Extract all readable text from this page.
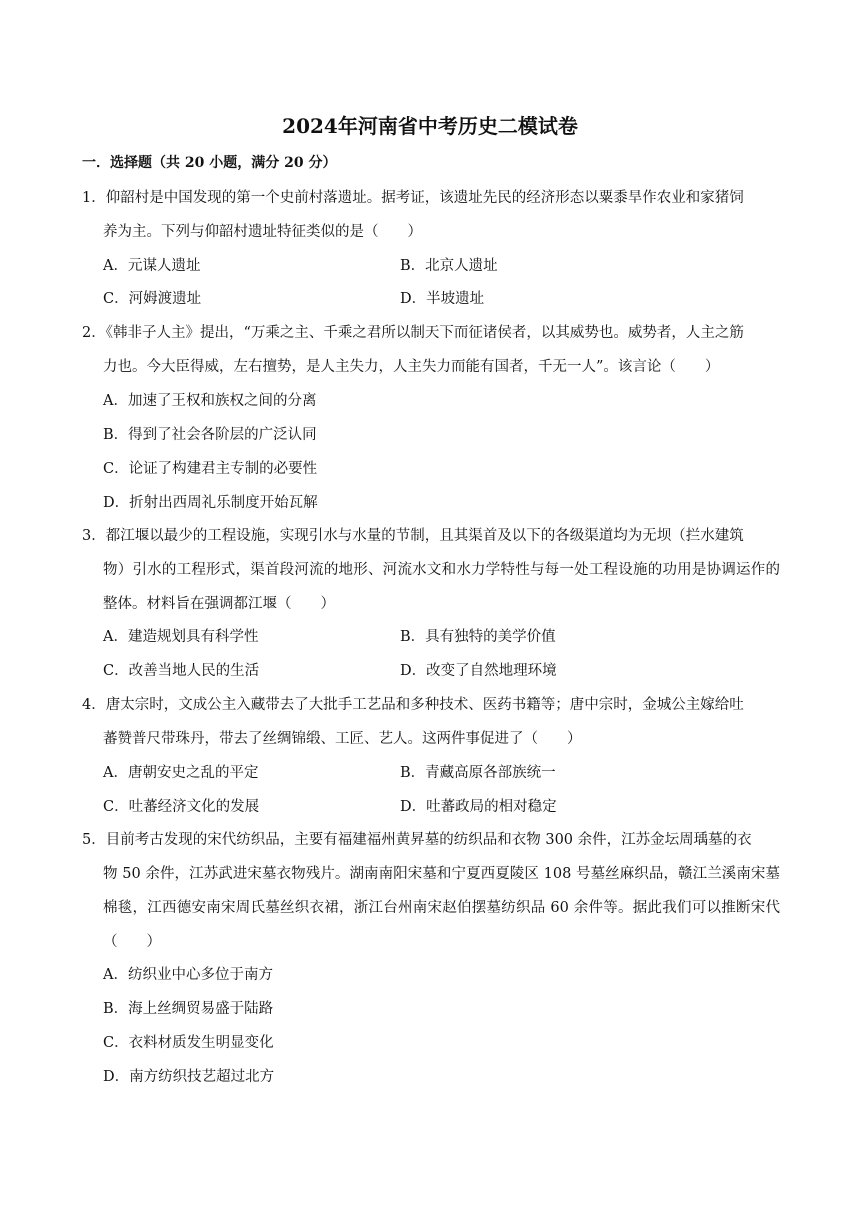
2024年河南省中考历史二模试卷
一．选择题（共 20 小题，满分 20 分）
1．仰韶村是中国发现的第一个史前村落遗址。据考证，该遗址先民的经济形态以粟黍旱作农业和家猪饲
养为主。下列与仰韶村遗址特征类似的是（　　）
A．元谋人遗址	B．北京人遗址
C．河姆渡遗址	D．半坡遗址
2．《韩非子人主》提出，“万乘之主、千乘之君所以制天下而征诸侯者，以其威势也。威势者，人主之筋
力也。今大臣得威，左右擅势，是人主失力，人主失力而能有国者，千无一人”。该言论（　　）
A．加速了王权和族权之间的分离
B．得到了社会各阶层的广泛认同
C．论证了构建君主专制的必要性
D．折射出西周礼乐制度开始瓦解
3．都江堰以最少的工程设施，实现引水与水量的节制，且其渠首及以下的各级渠道均为无坝（拦水建筑
物）引水的工程形式，渠首段河流的地形、河流水文和水力学特性与每一处工程设施的功用是协调运作的整体。材料旨在强调都江堰（　　）
A．建造规划具有科学性	B．具有独特的美学价值
C．改善当地人民的生活	D．改变了自然地理环境
4．唐太宗时，文成公主入藏带去了大批手工艺品和多种技术、医药书籍等；唐中宗时，金城公主嫁给吐
蕃赞普尺带珠丹，带去了丝绸锦缎、工匠、艺人。这两件事促进了（　　）
A．唐朝安史之乱的平定	B．青藏高原各部族统一
C．吐蕃经济文化的发展	D．吐蕃政局的相对稳定
5．目前考古发现的宋代纺织品，主要有福建福州黄昇墓的纺织品和衣物 300 余件，江苏金坛周瑀墓的衣
物 50 余件，江苏武进宋墓衣物残片。湖南南阳宋墓和宁夏西夏陵区 108 号墓丝麻织品，赣江兰溪南宋墓棉毯，江西德安南宋周氏墓丝织衣裙，浙江台州南宋赵伯摆墓纺织品 60 余件等。据此我们可以推断宋代（　　）
A．纺织业中心多位于南方
B．海上丝绸贸易盛于陆路
C．衣料材质发生明显变化
D．南方纺织技艺超过北方
